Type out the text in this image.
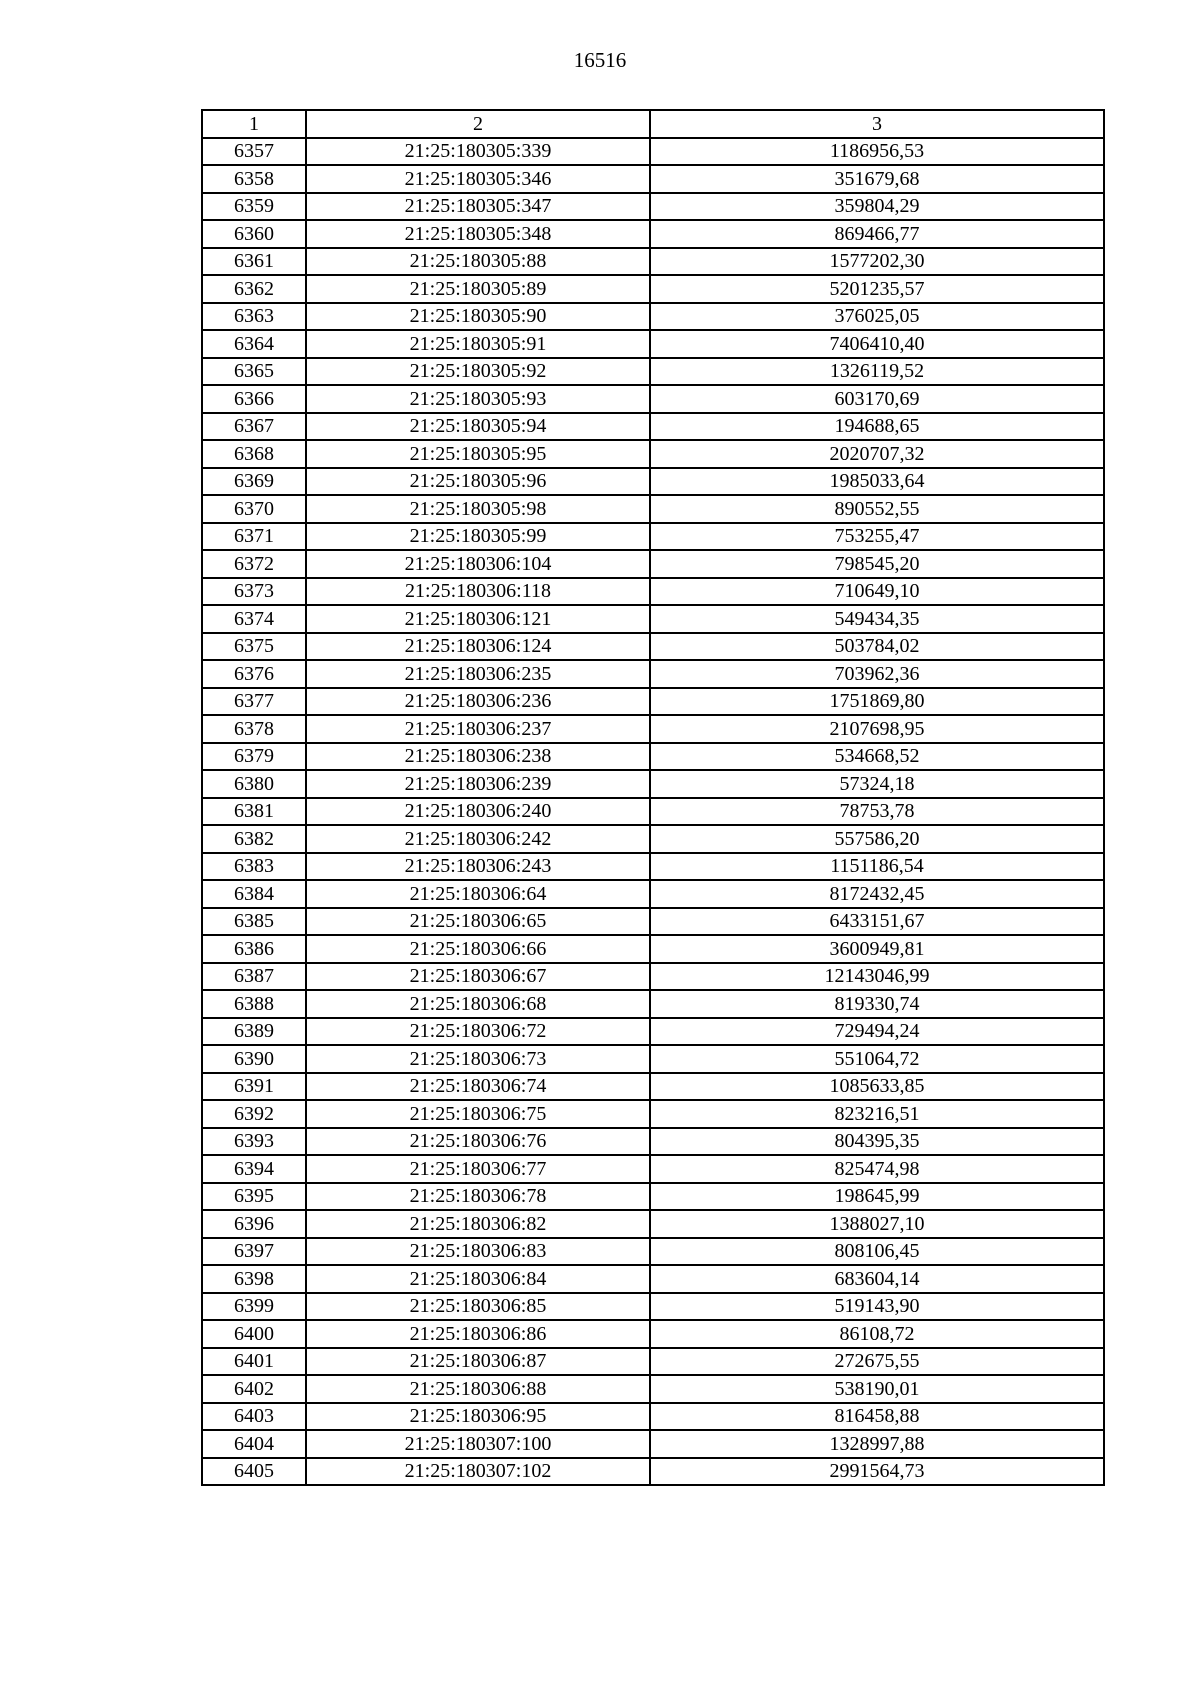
16516
1	2	3
6357	21:25:180305:339	1186956,53
6358	21:25:180305:346	351679,68
6359	21:25:180305:347	359804,29
6360	21:25:180305:348	869466,77
6361	21:25:180305:88	1577202,30
6362	21:25:180305:89	5201235,57
6363	21:25:180305:90	376025,05
6364	21:25:180305:91	7406410,40
6365	21:25:180305:92	1326119,52
6366	21:25:180305:93	603170,69
6367	21:25:180305:94	194688,65
6368	21:25:180305:95	2020707,32
6369	21:25:180305:96	1985033,64
6370	21:25:180305:98	890552,55
6371	21:25:180305:99	753255,47
6372	21:25:180306:104	798545,20
6373	21:25:180306:118	710649,10
6374	21:25:180306:121	549434,35
6375	21:25:180306:124	503784,02
6376	21:25:180306:235	703962,36
6377	21:25:180306:236	1751869,80
6378	21:25:180306:237	2107698,95
6379	21:25:180306:238	534668,52
6380	21:25:180306:239	57324,18
6381	21:25:180306:240	78753,78
6382	21:25:180306:242	557586,20
6383	21:25:180306:243	1151186,54
6384	21:25:180306:64	8172432,45
6385	21:25:180306:65	6433151,67
6386	21:25:180306:66	3600949,81
6387	21:25:180306:67	12143046,99
6388	21:25:180306:68	819330,74
6389	21:25:180306:72	729494,24
6390	21:25:180306:73	551064,72
6391	21:25:180306:74	1085633,85
6392	21:25:180306:75	823216,51
6393	21:25:180306:76	804395,35
6394	21:25:180306:77	825474,98
6395	21:25:180306:78	198645,99
6396	21:25:180306:82	1388027,10
6397	21:25:180306:83	808106,45
6398	21:25:180306:84	683604,14
6399	21:25:180306:85	519143,90
6400	21:25:180306:86	86108,72
6401	21:25:180306:87	272675,55
6402	21:25:180306:88	538190,01
6403	21:25:180306:95	816458,88
6404	21:25:180307:100	1328997,88
6405	21:25:180307:102	2991564,73
